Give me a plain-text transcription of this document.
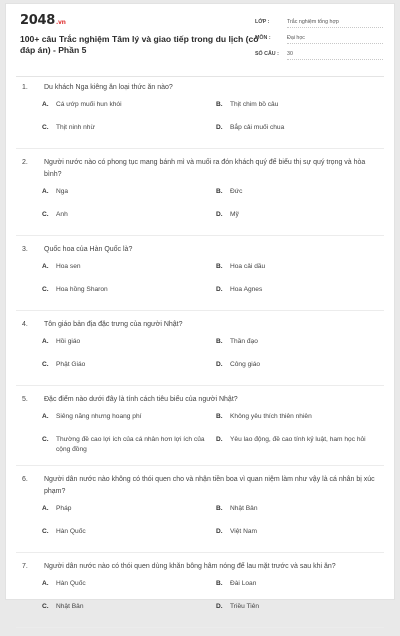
2048 .vn
100+ câu Trắc nghiệm Tâm lý và giao tiếp trong du lịch (có đáp án) - Phần 5
LỚP :	Trắc nghiệm tổng hợp
MÔN :	Đại học
SỐ CÂU : 30
1.	Du khách Nga kiêng ăn loại thức ăn nào?
A.	Cá ướp muối hun khói	B.	Thịt chim bồ câu
C.	Thịt ninh nhừ	D.	Bắp cải muối chua
2.	Người nước nào có phong tục mang bánh mì và muối ra đón khách quý để biểu thị sự quý trọng và hòa bình?
A.	Nga	B.	Đức
C.	Anh	D.	Mỹ
3.	Quốc hoa của Hàn Quốc là?
A.	Hoa sen	B.	Hoa cải dầu
C.	Hoa hồng Sharon	D.	Hoa Agnes
4.	Tôn giáo bản địa đặc trưng của người Nhật?
A.	Hồi giáo	B.	Thần đạo
C.	Phật Giáo	D.	Công giáo
5.	Đặc điểm nào dưới đây là tính cách tiêu biểu của người Nhật?
A.	Siêng năng nhưng hoang phí	B.	Không yêu thích thiên nhiên
C.	Thường đề cao lợi ích của cá nhân hơn lợi ích của cộng đồng
D.	Yêu lao động, đề cao tính kỷ luật, ham học hỏi
6.	Người dân nước nào không có thói quen cho và nhận tiền boa vì quan niệm làm như vậy là cá nhân bị xúc phạm?
A.	Pháp	B.	Nhật Bản
C.	Hàn Quốc	D.	Việt Nam
7.	Người dân nước nào có thói quen dùng khăn bông hâm nóng để lau mặt trước và sau khi ăn?
A.	Hàn Quốc	B.	Đài Loan
C.	Nhật Bản	D.	Triều Tiên
